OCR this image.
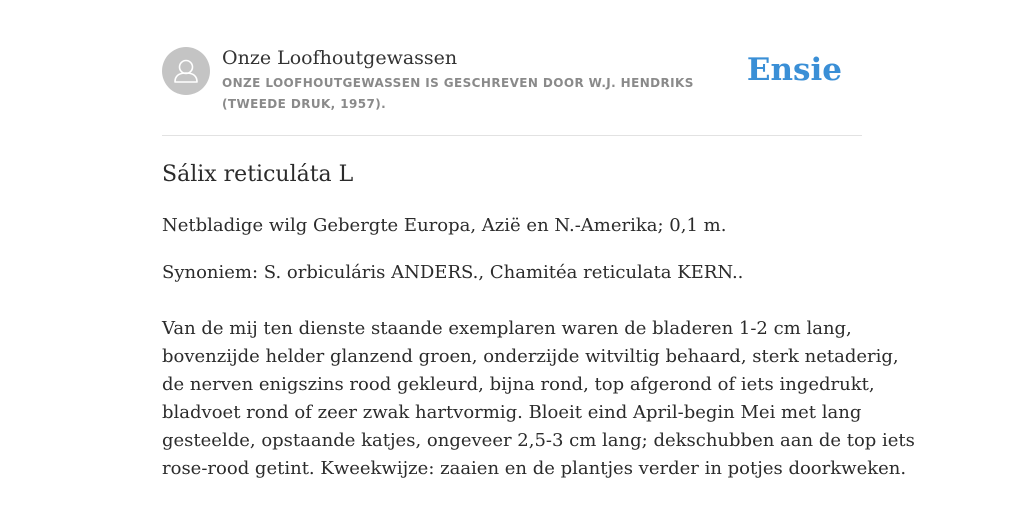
Onze Loofhoutgewassen
ONZE LOOFHOUTGEWASSEN IS GESCHREVEN DOOR W.J. HENDRIKS (TWEEDE DRUK, 1957).
Ensie
Sálix reticuláta L
Netbladige wilg Gebergte Europa, Azië en N.-Amerika; 0,1 m.
Synoniem: S. orbiculáris ANDERS., Chamitéa reticulata KERN..
Van de mij ten dienste staande exemplaren waren de bladeren 1-2 cm lang,
bovenzijde helder glanzend groen, onderzijde witviltig behaard, sterk netaderig,
de nerven enigszins rood gekleurd, bijna rond, top afgerond of iets ingedrukt,
bladvoet rond of zeer zwak hartvormig. Bloeit eind April-begin Mei met lang
gesteelde, opstaande katjes, ongeveer 2,5-3 cm lang; dekschubben aan de top iets
rose-rood getint. Kweekwijze: zaaien en de plantjes verder in potjes doorkweken.
